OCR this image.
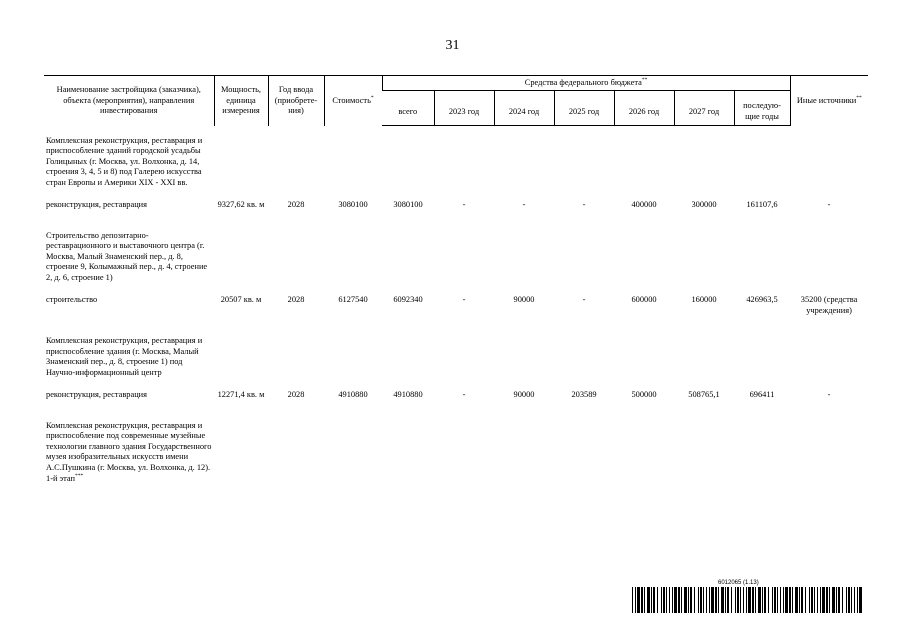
31
Наименование застройщика (заказчика), объекта (мероприятия), направления инвестирования	Мощность, единица измерения	Год ввода (приобрете-ния)	Стоимость*	Средства федерального бюджета**							Иные источники**
				всего	2023 год	2024 год	2025 год	2026 год	2027 год	последую-щие годы	
Комплексная реконструкция, реставрация и приспособление зданий городской усадьбы Голицыных (г. Москва, ул. Волхонка, д. 14, строения 3, 4, 5 и 8) под Галерею искусства стран Европы и Америки XIX - XXI вв.											
реконструкция, реставрация	9327,62 кв. м	2028	3080100	3080100	-	-	-	400000	300000	161107,6	-
Строительство депозитарно-реставрационного и выставочного центра (г. Москва, Малый Знаменский пер., д. 8, строение 9, Колымажный пер., д. 4, строение 2, д. 6, строение 1)											
строительство	20507 кв. м	2028	6127540	6092340	-	90000	-	600000	160000	426963,5	35200 (средства учреждения)
Комплексная реконструкция, реставрация и приспособление здания (г. Москва, Малый Знаменский пер., д. 8, строение 1) под Научно-информационный центр											
реконструкция, реставрация	12271,4 кв. м	2028	4910880	4910880	-	90000	203589	500000	508765,1	696411	-
Комплексная реконструкция, реставрация и приспособление под современные музейные технологии главного здания Государственного музея изобразительных искусств имени А.С.Пушкина (г. Москва, ул. Волхонка, д. 12). 1-й этап***	
6012065 (1.13)
